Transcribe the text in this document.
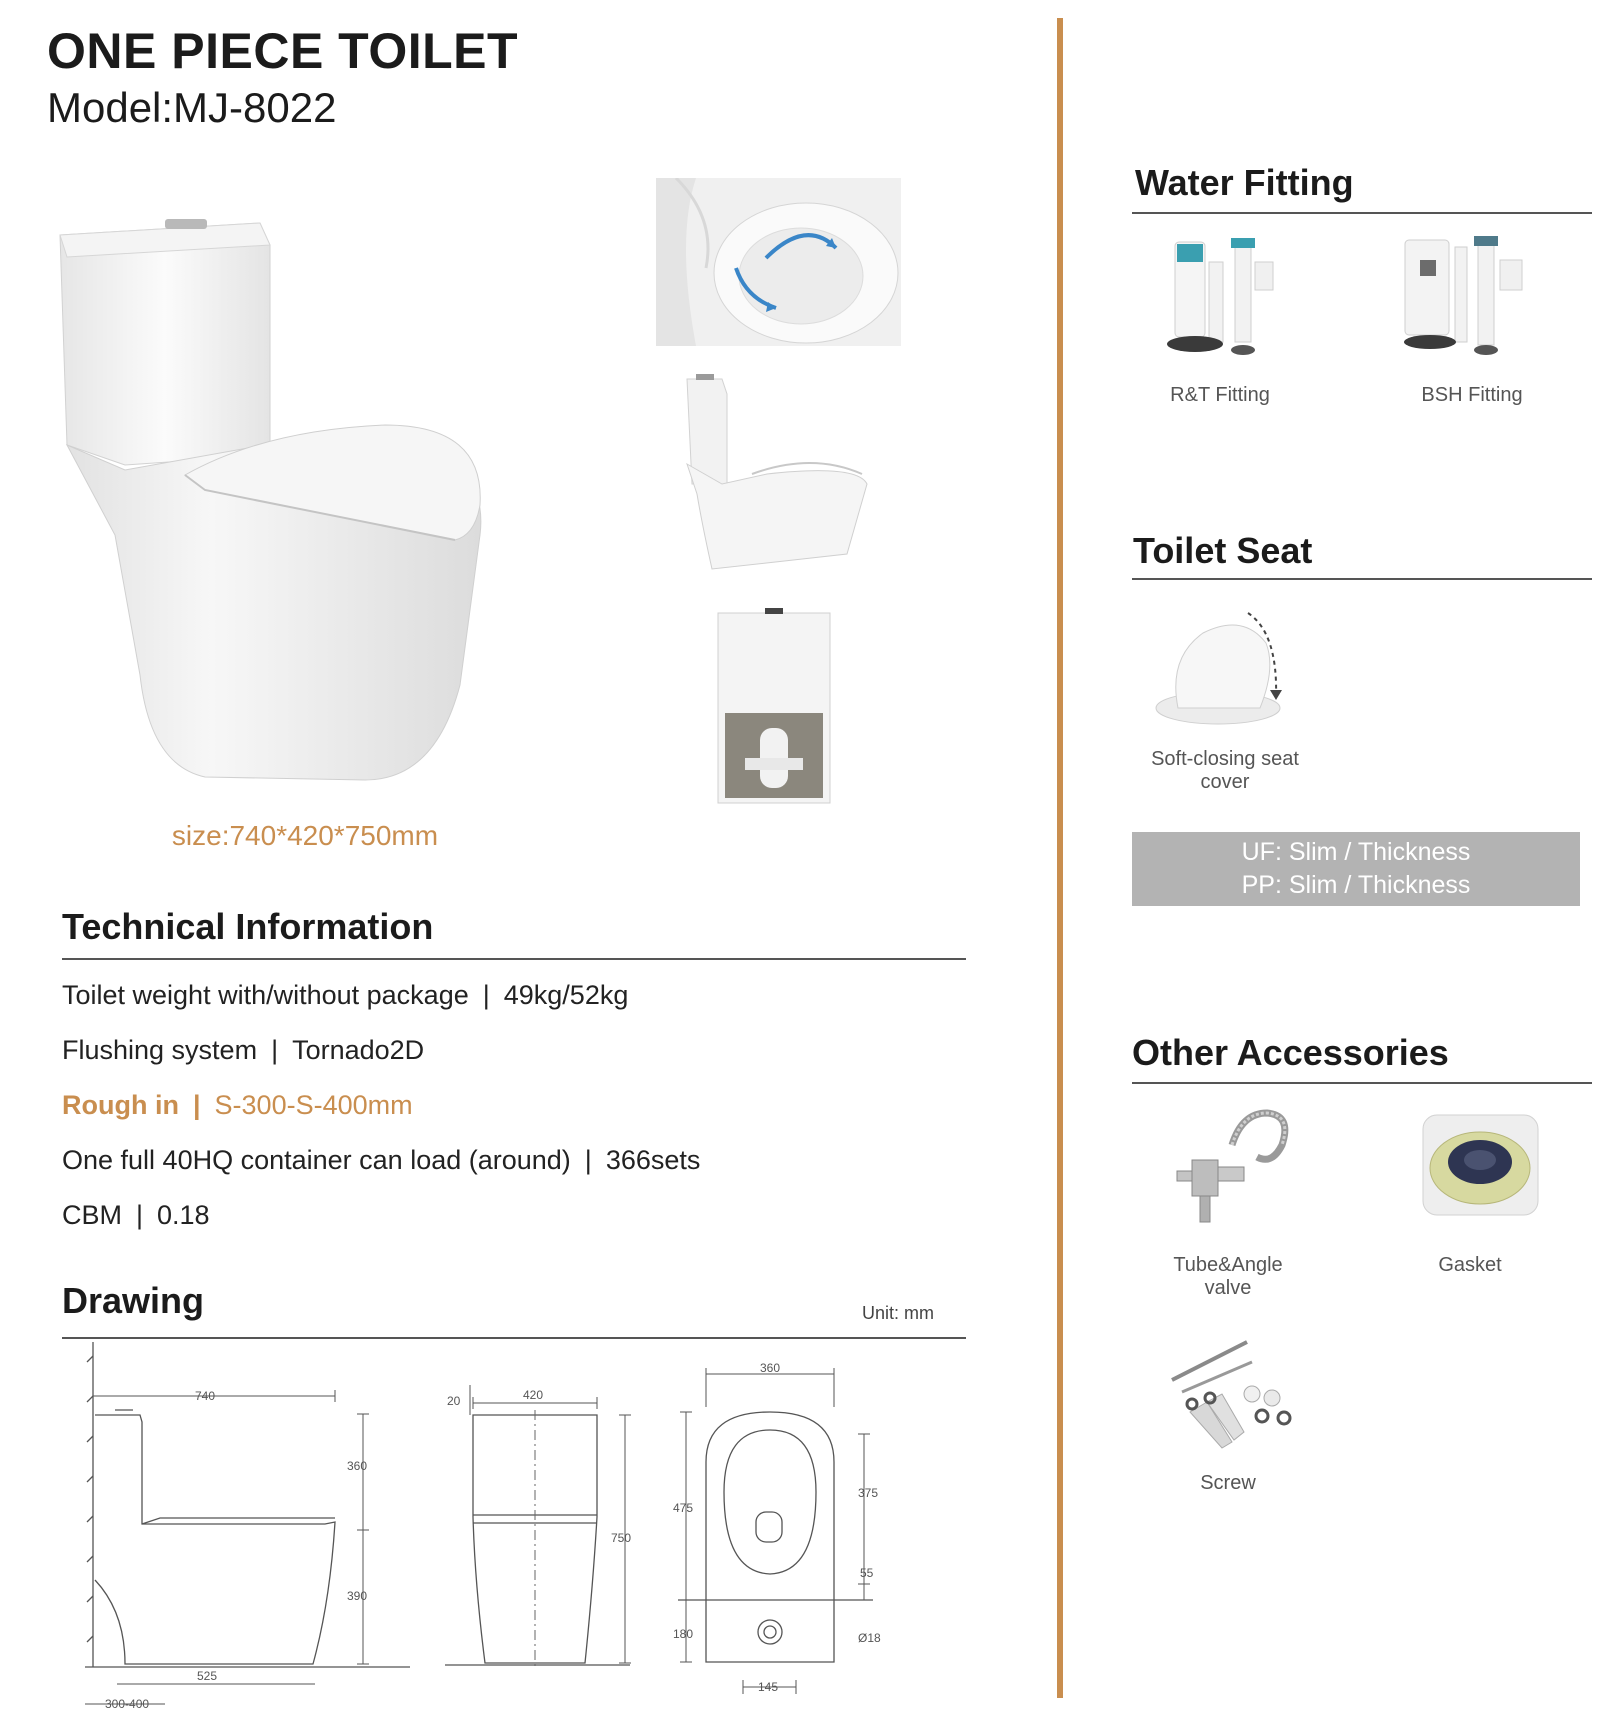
ONE PIECE TOILET
Model:MJ-8022
size:740*420*750mm
Technical Information
Toilet weight with/without package | 49kg/52kg
Flushing system | Tornado2D
Rough in | S-300-S-400mm
One full 40HQ container can load (around) | 366sets
CBM | 0.18
Drawing	Unit: mm
740
360
390
525
300-400
420
20
750
360
475
375
55
180	Ø18
145
Water Fitting
R&T Fitting	BSH Fitting
Toilet Seat
Soft-closing seat
cover
UF: Slim / Thickness
PP: Slim / Thickness
Other Accessories
Tube&Angle
valve
Gasket
Screw
